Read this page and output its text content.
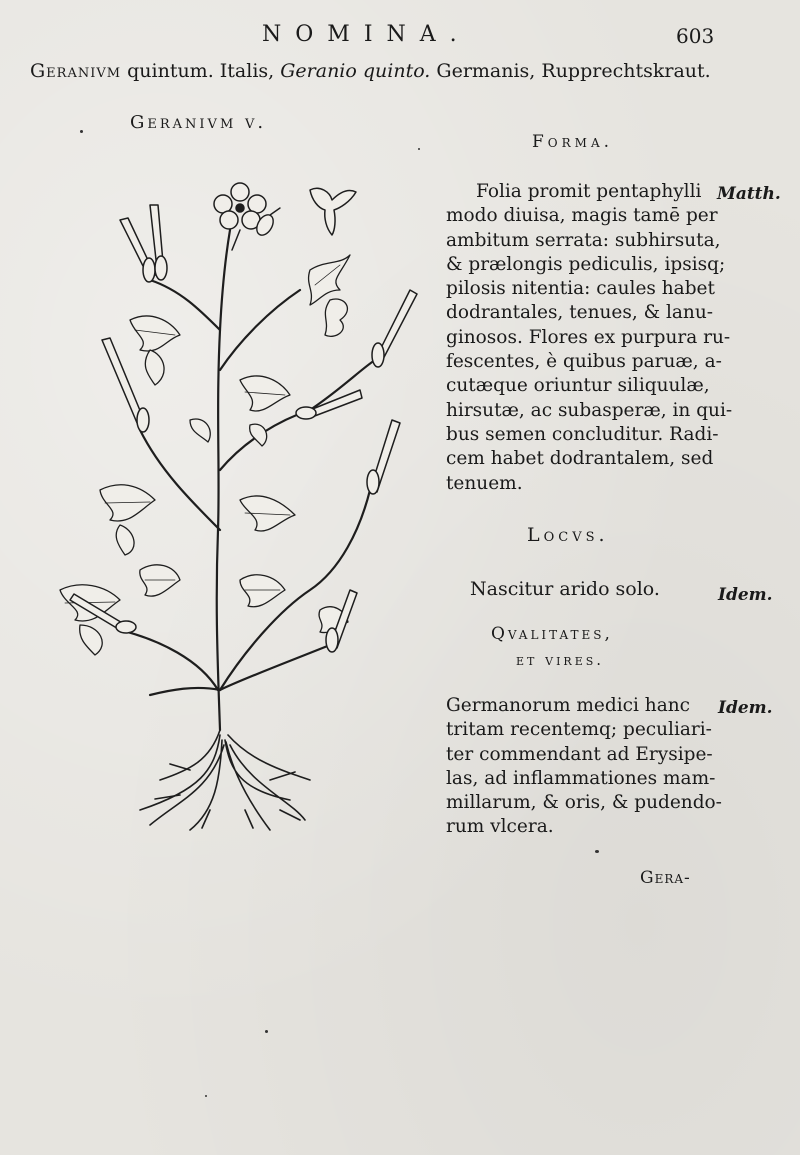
NOMINA.	603
Geranivm quintum. Italis, Geranio quinto. Germanis, Rupprechtskraut.
Geranivm v.
Forma.
Folia promit pentaphylli
modo diuisa, magis tamē per
ambitum serrata: subhirsuta,
& prælongis pediculis, ipsisq;
pilosis nitentia: caules habet
dodrantales, tenues, & lanu-
ginosos. Flores ex purpura ru-
fescentes, è quibus paruæ, a-
cutæque oriuntur siliquulæ,
hirsutæ, ac subasperæ, in qui-
bus semen concluditur. Radi-
cem habet dodrantalem, sed
tenuem.
Matth.
Locvs.
Nascitur arido solo.	Idem.
Qvalitates,
et vires.
Germanorum medici hanc
tritam recentemq; peculiari-
ter commendant ad Erysipe-
las, ad inflammationes mam-
millarum, & oris, & pudendo-
rum vlcera.
Idem.
Gera-
